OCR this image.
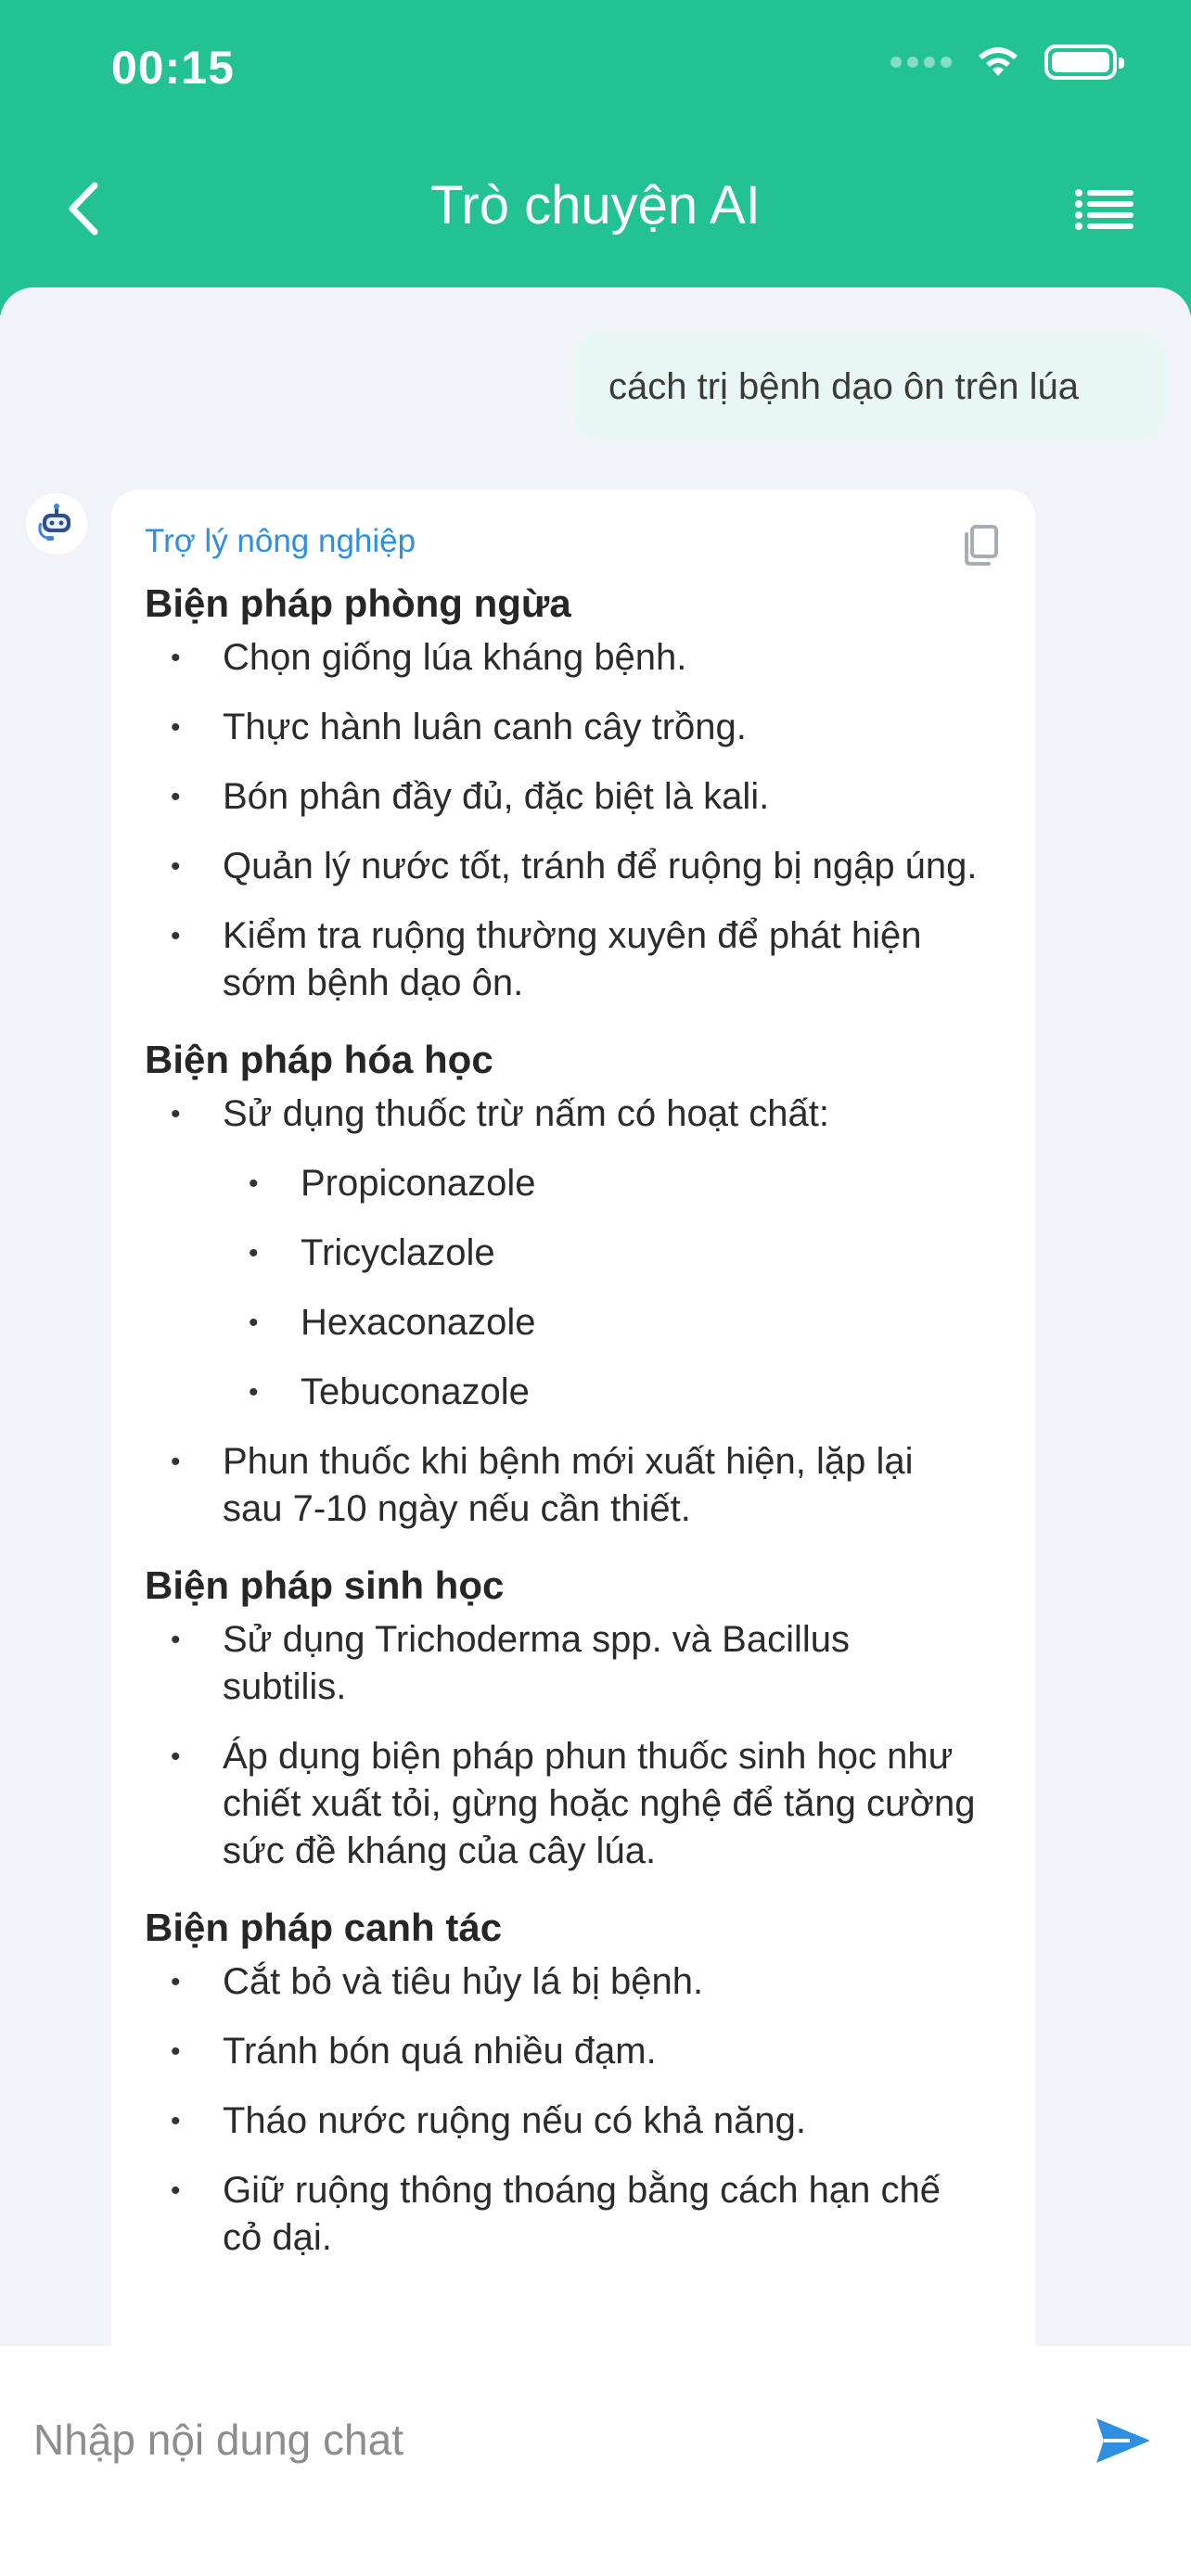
00:15
Trò chuyện AI
cách trị bệnh dạo ôn trên lúa
Trợ lý nông nghiệp
Biện pháp phòng ngừa
• Chọn giống lúa kháng bệnh.
• Thực hành luân canh cây trồng.
• Bón phân đầy đủ, đặc biệt là kali.
• Quản lý nước tốt, tránh để ruộng bị ngập úng.
• Kiểm tra ruộng thường xuyên để phát hiện sớm bệnh dạo ôn.
Biện pháp hóa học
• Sử dụng thuốc trừ nấm có hoạt chất:
• Propiconazole
• Tricyclazole
• Hexaconazole
• Tebuconazole
• Phun thuốc khi bệnh mới xuất hiện, lặp lại sau 7-10 ngày nếu cần thiết.
Biện pháp sinh học
• Sử dụng Trichoderma spp. và Bacillus subtilis.
• Áp dụng biện pháp phun thuốc sinh học như chiết xuất tỏi, gừng hoặc nghệ để tăng cường sức đề kháng của cây lúa.
Biện pháp canh tác
• Cắt bỏ và tiêu hủy lá bị bệnh.
• Tránh bón quá nhiều đạm.
• Tháo nước ruộng nếu có khả năng.
• Giữ ruộng thông thoáng bằng cách hạn chế cỏ dại.
Nhập nội dung chat
